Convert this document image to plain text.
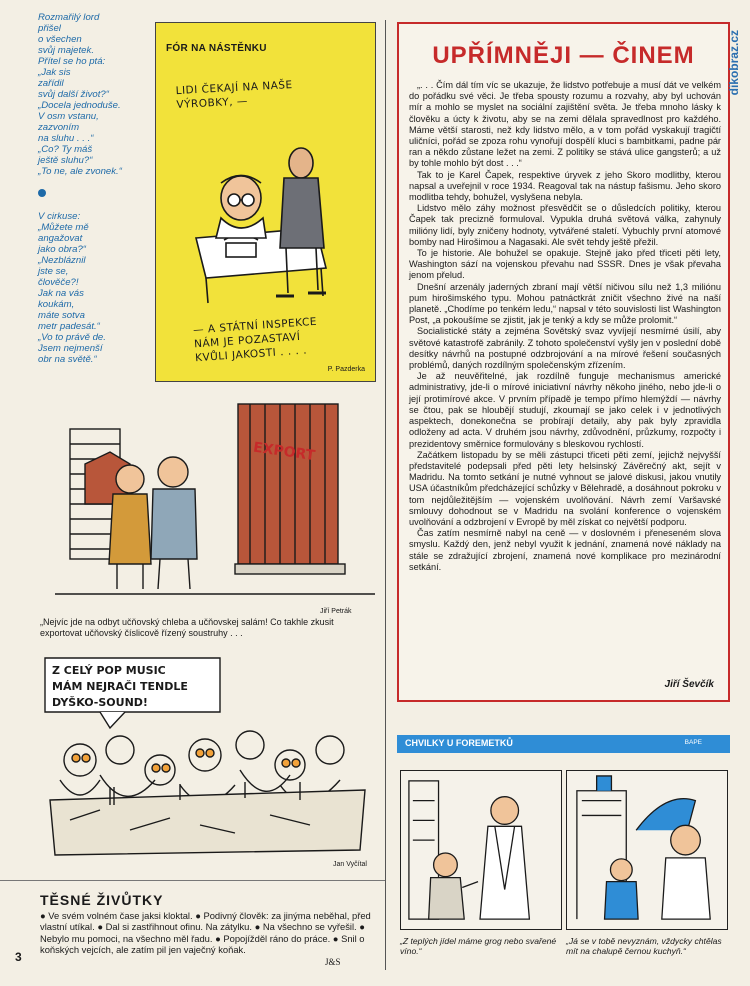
Rozmařilý lord
přišel
o všechen
svůj majetek.
Přítel se ho ptá:
„Jak sis
zařídil
svůj další život?“
„Docela jednoduše.
V osm vstanu,
zazvoním
na sluhu . . .“
„Co? Ty máš
ještě sluhu?“
„To ne, ale zvonek.“

V cirkuse:
„Můžete mě
angažovat
jako obra?“
„Nezbláznil
jste se,
člověče?!
Jak na vás
koukám,
máte sotva
metr padesát.“
„Vo to právě de.
Jsem nejmenší
obr na světě.“

FÓR NA NÁSTĚNKU
LIDI ČEKAJÍ NA NAŠE
VÝROBKY, —
— A STÁTNÍ INSPEKCE
NÁM JE POZASTAVÍ
KVŮLI JAKOSTI . . . .
P. Pazderka
UPŘÍMNĚJI — ČINEM

„. . . Čím dál tím víc se ukazuje, že lidstvo potřebuje a musí dát ve velkém do pořádku své věci. Je třeba spousty rozumu a rozvahy, aby byl uchován mír a mohlo se myslet na sociální zajištění světa. Je třeba mnoho lásky k člověku a úcty k životu, aby se na zemi dělala spravedlnost pro každého. Máme větší starosti, než kdy lidstvo mělo, a v tom pořád vyskakují tragičtí uličníci, pořád se zpoza rohu vynořují dospělí kluci s bambitkami, padne pár ran a někdo zůstane ležet na zemi. Z politiky se stává ulice gangsterů; a už by tohle mohlo být dost . . .“

Tak to je Karel Čapek, respektive úryvek z jeho Skoro modlitby, kterou napsal a uveřejnil v roce 1934. Reagoval tak na nástup fašismu. Jeho skoro modlitba tehdy, bohužel, vyslyšena nebyla.

Lidstvo mělo záhy možnost přesvědčit se o důsledcích politiky, kterou Čapek tak precizně formuloval. Vypukla druhá světová válka, zahynuly milióny lidí, byly zničeny hodnoty, vytvářené staletí. Vybuchly první atomové bomby nad Hirošimou a Nagasaki. Ale svět tehdy ještě přežil.

To je historie. Ale bohužel se opakuje. Stejně jako před třiceti pěti lety, Washington sází na vojenskou převahu nad SSSR. Dnes je však převaha jenom přelud.

Dnešní arzenály jaderných zbraní mají větší ničivou sílu než 1,3 miliónu pum hirošimského typu. Mohou patnáctkrát zničit všechno živé na naší planetě. „Chodíme po tenkém ledu,“ napsal v této souvislosti list Washington Post, „a pokoušíme se zjistit, jak je tenký a kdy se může prolomit.“

Socialistické státy a zejména Sovětský svaz vyvíjejí nesmírné úsilí, aby světové katastrofě zabránily. Z tohoto společenství vyšly jen v poslední době desítky návrhů na postupné odzbrojování a na mírové řešení současných problémů, daných rozdílným společenským zřízením.

Je až neuvěřitelné, jak rozdílně funguje mechanismus americké administrativy, jde-li o mírové iniciativní návrhy někoho jiného, nebo jde-li o její protimírové akce. V prvním případě je tempo přímo hlemýždí — návrhy se čtou, pak se hloubějí studují, zkoumají se jako celek i v jednotlivých aspektech, donekonečna se probírají detaily, aby pak byly zpravidla odloženy ad acta. V druhém jsou návrhy, zdůvodnění, průzkumy, rozpočty i prezidentovy směrnice formulovány s bleskovou rychlostí.

Začátkem listopadu by se měli zástupci třiceti pěti zemí, jejichž nejvyšší představitelé podepsali před pěti lety helsinský Závěrečný akt, sejít v Madridu. Na tomto setkání je nutné vyhnout se jalové diskusi, jakou vnutily USA účastníkům předcházející schůzky v Bělehradě, a dosáhnout pokroku v tom nejdůležitějším — vojenském uvolňování. Návrh zemí Varšavské smlouvy dohodnout se v Madridu na svolání konference o vojenském uvolňování a odzbrojení v Evropě by měl získat co největší podporu.

Čas zatím nesmírně nabyl na ceně — v doslovném i přeneseném slova smyslu. Každý den, jenž nebyl využit k jednání, znamená nové náklady na stále se zdražující zbrojení, znamená nové komplikace pro mezinárodní setkání.

Jiří Ševčík
dikobraz.cz
EXPORT
Jiří Petrák
„Nejvíc jde na odbyt učňovský chleba a učňovskej salám! Co takhle zkusit exportovat učňovský číslicově řízený soustruhy . . .
Z CELÝ POP MUSIC
MÁM NEJRAČI TENDLE
DYŠKO-SOUND!
Jan Vyčítal
TĚSNÉ ŽIVŮTKY
● Ve svém volném čase jaksi kloktal. ● Podivný člověk: za jinýma neběhal, před vlastní utíkal. ● Dal si zastřihnout ofinu. Na zátylku. ● Na všechno se vyřešil. ● Nebylo mu pomoci, na všechno měl řadu. ● Popojížděl ráno do práce. ● Snil o koňských vejcích, ale zatím pil jen vaječný koňak.
3	J&S
CHVILKY U FOREMETKŮ	BAPE
„Z teplých jídel máme grog nebo svařené víno.“
„Já se v tobě nevyznám, vždycky chtělas mít na chalupě černou kuchyň.“
